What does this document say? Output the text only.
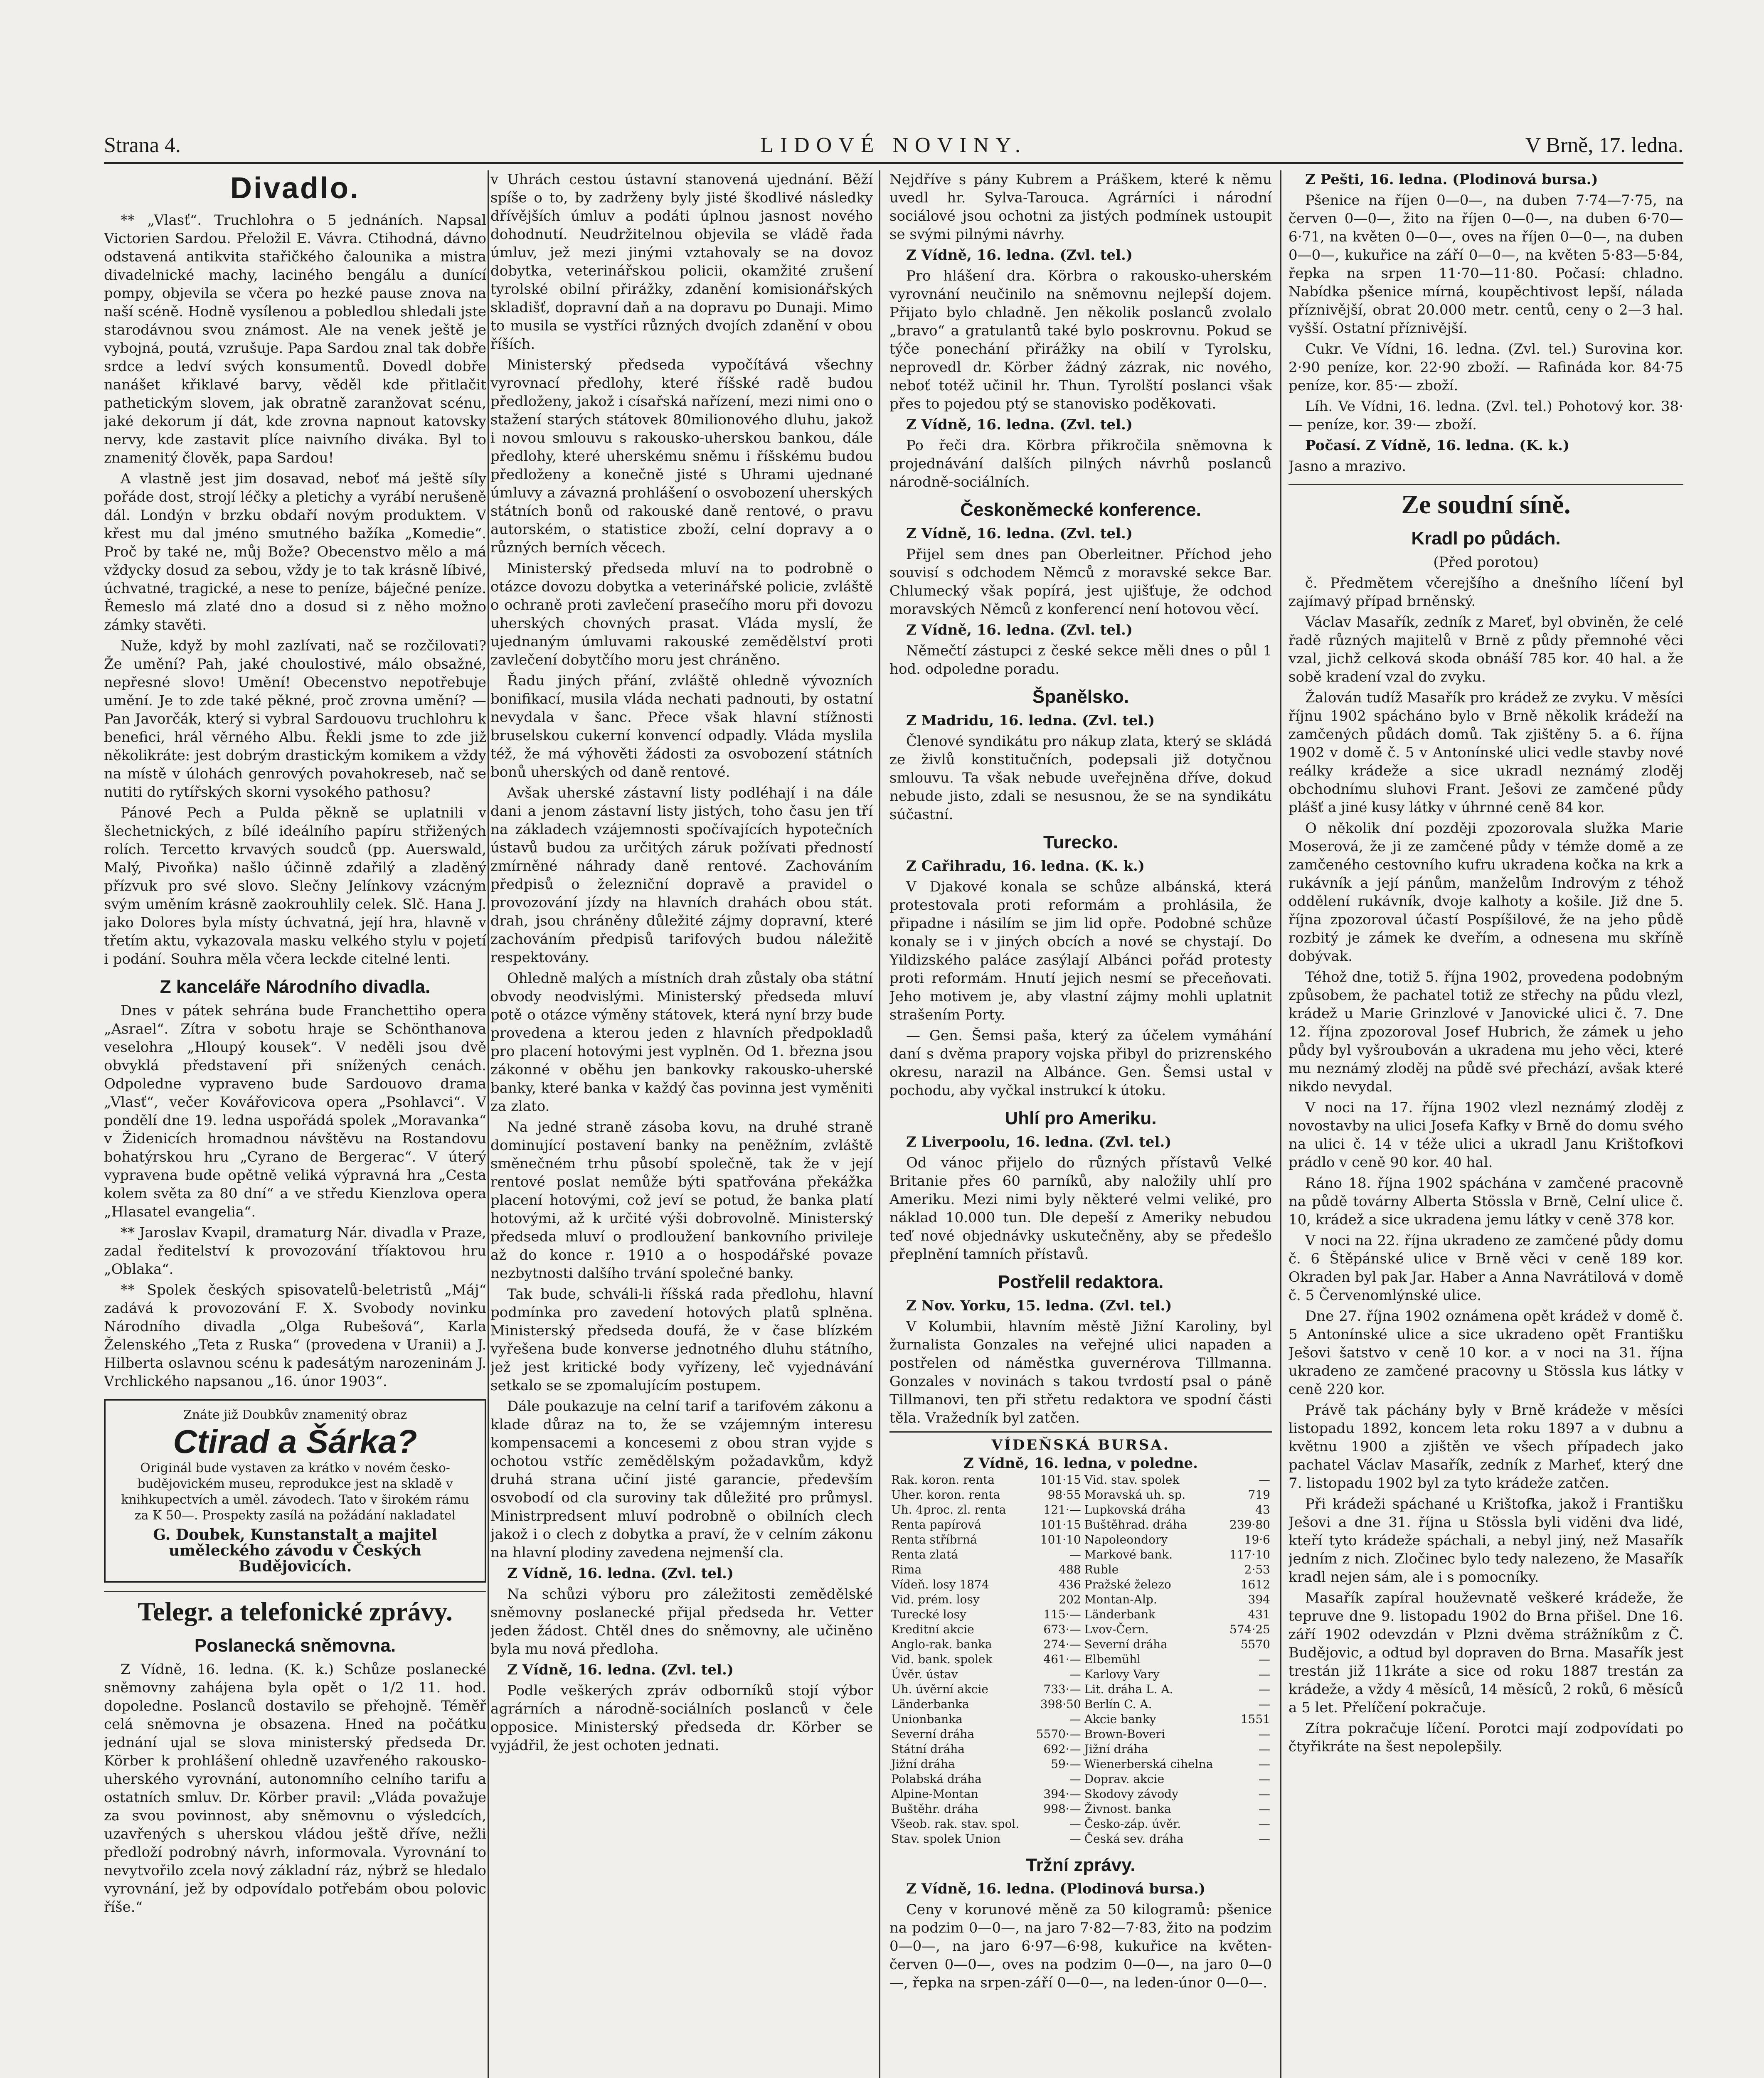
Strana 4.	LIDOVÉ NOVINY.	V Brně, 17. ledna.
Divadlo.

** „Vlasť“. Truchlohra o 5 jednáních. Napsal Victorien Sardou. Přeložil E. Vávra. Ctihodná, dávno odstavená antikvita stařičkého čalounika a mistra divadelnické machy, laciného bengálu a dunící pompy, objevila se včera po hezké pause znova na naší scéně. Hodně vysílenou a pobledlou shledali jste starodávnou svou známost. Ale na venek ještě je vybojná, poutá, vzrušuje. Papa Sardou znal tak dobře srdce a ledví svých konsumentů. Dovedl dobře nanášet křiklavé barvy, věděl kde přitlačit pathetickým slovem, jak obratně zaranžovat scénu, jaké dekorum jí dát, kde zrovna napnout katovsky nervy, kde zastavit plíce naivního diváka. Byl to znamenitý člověk, papa Sardou!

A vlastně jest jim dosavad, neboť má ještě síly pořáde dost, strojí léčky a pletichy a vyrábí nerušeně dál. Londýn v brzku obdaří novým produktem. V křest mu dal jméno smutného bažíka „Komedie“. Proč by také ne, můj Bože? Obecenstvo mělo a má vždycky dosud za sebou, vždy je to tak krásně líbivé, úchvatné, tragické, a nese to peníze, báječné peníze. Řemeslo má zlaté dno a dosud si z něho možno zámky stavěti.

Nuže, když by mohl zazlívati, nač se rozčilovati? Že umění? Pah, jaké choulostivé, málo obsažné, nepřesné slovo! Umění! Obecenstvo nepotřebuje umění. Je to zde také pěkné, proč zrovna umění? — Pan Javorčák, který si vybral Sardouovu truchlohru k benefici, hrál věrného Albu. Řekli jsme to zde již několikráte: jest dobrým drastickým komikem a vždy na místě v úlohách genrových povahokreseb, nač se nutiti do rytířských skorni vysokého pathosu?

Pánové Pech a Pulda pěkně se uplatnili v šlechetnických, z bílé ideálního papíru střižených rolích. Tercetto krvavých soudců (pp. Auerswald, Malý, Pivoňka) našlo účinně zdařilý a zladěný přízvuk pro své slovo. Slečny Jelínkovy vzácným svým uměním krásně zaokrouhlily celek. Slč. Hana J. jako Dolores byla místy úchvatná, její hra, hlavně v třetím aktu, vykazovala masku velkého stylu v pojetí i podání. Souhra měla včera leckde citelné lenti.

Z kanceláře Národního divadla.

Dnes v pátek sehrána bude Franchettiho opera „Asrael“. Zítra v sobotu hraje se Schönthanova veselohra „Hloupý kousek“. V neděli jsou dvě obvyklá představení při snížených cenách. Odpoledne vypraveno bude Sardouovo drama „Vlasť“, večer Kovářovicova opera „Psohlavci“. V pondělí dne 19. ledna uspořádá spolek „Moravanka“ v Židenicích hromadnou návštěvu na Rostandovu bohatýrskou hru „Cyrano de Bergerac“. V úterý vypravena bude opětně veliká výpravná hra „Cesta kolem světa za 80 dní“ a ve středu Kienzlova opera „Hlasatel evangelia“.

** Jaroslav Kvapil, dramaturg Nár. divadla v Praze, zadal ředitelství k provozování tříaktovou hru „Oblaka“.

** Spolek českých spisovatelů-beletristů „Máj“ zadává k provozování F. X. Svobody novinku Národního divadla „Olga Rubešová“, Karla Želenského „Teta z Ruska“ (provedena v Uranii) a J. Hilberta oslavnou scénu k padesátým narozeninám J. Vrchlického napsanou „16. únor 1903“.

Znáte již Doubkův znamenitý obraz
Ctirad a Šárka?
Originál bude vystaven za krátko v novém česko-budějovickém museu, reprodukce jest na skladě v knihkupectvích a uměl. závodech. Tato v širokém rámu za K 50—. Prospekty zasílá na požádání nakladatel
G. Doubek, Kunstanstalt a majitel uměleckého závodu v Českých Budějovicích.
Telegr. a telefonické zprávy.
Poslanecká sněmovna.

Z Vídně, 16. ledna. (K. k.) Schůze poslanecké sněmovny zahájena byla opět o 1/2 11. hod. dopoledne. Poslanců dostavilo se přehojně. Téměř celá sněmovna je obsazena. Hned na počátku jednání ujal se slova ministerský předseda Dr. Körber k prohlášení ohledně uzavřeného rakousko-uherského vyrovnání, autonomního celního tarifu a ostatních smluv. Dr. Körber pravil: „Vláda považuje za svou povinnost, aby sněmovnu o výsledcích, uzavřených s uherskou vládou ještě dříve, nežli předloží podrobný návrh, informovala. Vyrovnání to nevytvořilo zcela nový základní ráz, nýbrž se hledalo vyrovnání, jež by odpovídalo potřebám obou polovic říše.“

v Uhrách cestou ústavní stanovená ujednání. Běží spíše o to, by zadrženy byly jisté škodlivé následky dřívějších úmluv a podáti úplnou jasnost nového dohodnutí. Neudržitelnou objevila se vládě řada úmluv, jež mezi jinými vztahovaly se na dovoz dobytka, veterinářskou policii, okamžité zrušení tyrolské obilní přirážky, zdanění komisionářských skladišť, dopravní daň a na dopravu po Dunaji. Mimo to musila se vystříci různých dvojích zdanění v obou říších.

Ministerský předseda vypočítává všechny vyrovnací předlohy, které říšské radě budou předloženy, jakož i císařská nařízení, mezi nimi ono o stažení starých státovek 80milionového dluhu, jakož i novou smlouvu s rakousko-uherskou bankou, dále předlohy, které uherskému sněmu i říšskému budou předloženy a konečně jisté s Uhrami ujednané úmluvy a závazná prohlášení o osvobození uherských státních bonů od rakouské daně rentové, o pravu autorském, o statistice zboží, celní dopravy a o různých berních věcech.

Ministerský předseda mluví na to podrobně o otázce dovozu dobytka a veterinářské policie, zvláště o ochraně proti zavlečení prasečího moru při dovozu uherských chovných prasat. Vláda myslí, že ujednaným úmluvami rakouské zemědělství proti zavlečení dobytčího moru jest chráněno.

Řadu jiných přání, zvláště ohledně vývozních bonifikací, musila vláda nechati padnouti, by ostatní nevydala v šanc. Přece však hlavní stížnosti bruselskou cukerní konvencí odpadly. Vláda myslila též, že má výhověti žádosti za osvobození státních bonů uherských od daně rentové.

Avšak uherské zástavní listy podléhají i na dále dani a jenom zástavní listy jistých, toho času jen tří na základech vzájemnosti spočívajících hypotečních ústavů budou za určitých záruk požívati předností zmírněné náhrady daně rentové. Zachováním předpisů o železniční dopravě a pravidel o provozování jízdy na hlavních drahách obou stát. drah, jsou chráněny důležité zájmy dopravní, které zachováním předpisů tarifových budou náležitě respektovány.

Ohledně malých a místních drah zůstaly oba státní obvody neodvislými. Ministerský předseda mluví potě o otázce výměny státovek, která nyní brzy bude provedena a kterou jeden z hlavních předpokladů pro placení hotovými jest vyplněn. Od 1. března jsou zákonné v oběhu jen bankovky rakousko-uherské banky, které banka v každý čas povinna jest vyměniti za zlato.

Na jedné straně zásoba kovu, na druhé straně dominující postavení banky na peněžním, zvláště směnečném trhu působí společně, tak že v její rentové poslat nemůže býti spatřována překážka placení hotovými, což jeví se potud, že banka platí hotovými, až k určité výši dobrovolně. Ministerský předseda mluví o prodloužení bankovního privileje až do konce r. 1910 a o hospodářské povaze nezbytnosti dalšího trvání společné banky.

Tak bude, schváli-li říšská rada předlohu, hlavní podmínka pro zavedení hotových platů splněna. Ministerský předseda doufá, že v čase blízkém vyřešena bude konverse jednotného dluhu státního, jež jest kritické body vyřízeny, leč vyjednávání setkalo se se zpomalujícím postupem.

Dále poukazuje na celní tarif a tarifovém zákonu a klade důraz na to, že se vzájemným interesu kompensacemi a koncesemi z obou stran vyjde s ochotou vstříc zemědělským požadavkům, když druhá strana učiní jisté garancie, především osvobodí od cla suroviny tak důležité pro průmysl. Ministrpredsent mluví podrobně o obilních clech jakož i o clech z dobytka a praví, že v celním zákonu na hlavní plodiny zavedena nejmenší cla.

Z Vídně, 16. ledna. (Zvl. tel.)

Na schůzi výboru pro záležitosti zemědělské sněmovny poslanecké přijal předseda hr. Vetter jeden žádost. Chtěl dnes do sněmovny, ale učiněno byla mu nová předloha.

Z Vídně, 16. ledna. (Zvl. tel.)

Podle veškerých zpráv odborníků stojí výbor agrárních a národně-sociálních poslanců v čele opposice. Ministerský předseda dr. Körber se vyjádřil, že jest ochoten jednati.

Nejdříve s pány Kubrem a Práškem, které k němu uvedl hr. Sylva-Tarouca. Agrárníci i národní sociálové jsou ochotni za jistých podmínek ustoupit se svými pilnými návrhy.

Z Vídně, 16. ledna. (Zvl. tel.)

Pro hlášení dra. Körbra o rakousko-uherském vyrovnání neučinilo na sněmovnu nejlepší dojem. Přijato bylo chladně. Jen několik poslanců zvolalo „bravo“ a gratulantů také bylo poskrovnu. Pokud se týče ponechání přirážky na obilí v Tyrolsku, neprovedl dr. Körber žádný zázrak, nic nového, neboť totéž učinil hr. Thun. Tyrolští poslanci však přes to pojedou ptý se stanovisko poděkovati.

Z Vídně, 16. ledna. (Zvl. tel.)

Po řeči dra. Körbra přikročila sněmovna k projednávání dalších pilných návrhů poslanců národně-sociálních.

Českoněmecké konference.

Z Vídně, 16. ledna. (Zvl. tel.)

Přijel sem dnes pan Oberleitner. Příchod jeho souvisí s odchodem Němců z moravské sekce Bar. Chlumecký však popírá, jest ujišťuje, že odchod moravských Němců z konferencí není hotovou věcí.

Z Vídně, 16. ledna. (Zvl. tel.)

Němečtí zástupci z české sekce měli dnes o půl 1 hod. odpoledne poradu.

Španělsko.

Z Madridu, 16. ledna. (Zvl. tel.)

Členové syndikátu pro nákup zlata, který se skládá ze živlů konstitučních, podepsali již dotyčnou smlouvu. Ta však nebude uveřejněna dříve, dokud nebude jisto, zdali se nesusnou, že se na syndikátu súčastní.

Turecko.

Z Cařihradu, 16. ledna. (K. k.)

V Djakové konala se schůze albánská, která protestovala proti reformám a prohlásila, že připadne i násilím se jim lid opře. Podobné schůze konaly se i v jiných obcích a nové se chystají. Do Yildizského paláce zasýlají Albánci pořád protesty proti reformám. Hnutí jejich nesmí se přeceňovati. Jeho motivem je, aby vlastní zájmy mohli uplatnit strašením Porty.

— Gen. Šemsi paša, který za účelem vymáhání daní s dvěma prapory vojska přibyl do prizrenského okresu, narazil na Albánce. Gen. Šemsi ustal v pochodu, aby vyčkal instrukcí k útoku.

Uhlí pro Ameriku.

Z Liverpoolu, 16. ledna. (Zvl. tel.)

Od vánoc přijelo do různých přístavů Velké Britanie přes 60 parníků, aby naložily uhlí pro Ameriku. Mezi nimi byly některé velmi veliké, pro náklad 10.000 tun. Dle depeší z Ameriky nebudou teď nové objednávky uskutečněny, aby se předešlo přeplnění tamních přístavů.

Postřelil redaktora.

Z Nov. Yorku, 15. ledna. (Zvl. tel.)

V Kolumbii, hlavním městě Jižní Karoliny, byl žurnalista Gonzales na veřejné ulici napaden a postřelen od náměstka guvernérova Tillmanna. Gonzales v novinách s takou tvrdostí psal o páně Tillmanovi, ten při střetu redaktora ve spodní části těla. Vražedník byl zatčen.

VÍDEŇSKÁ BURSA.
Z Vídně, 16. ledna, v poledne.
Rak. koron. renta	101·15	Vid. stav. spolek	—
Uher. koron. renta	98·55	Moravská uh. sp.	719
Uh. 4proc. zl. renta	121·—	Lupkovská dráha	43
Renta papírová	101·15	Buštěhrad. dráha	239·80
Renta stříbrná	101·10	Napoleondory	19·6
Renta zlatá	—	Markové bank.	117·10
Rima	488	Ruble	2·53
Vídeň. losy 1874	436	Pražské železo	1612
Vid. prém. losy	202	Montan-Alp.	394
Turecké losy	115·—	Länderbank	431
Kreditní akcie	673·—	Lvov-Čern.	574·25
Anglo-rak. banka	274·—	Severní dráha	5570
Vid. bank. spolek	461·—	Elbemühl	—
Úvěr. ústav	—	Karlovy Vary	—
Uh. úvěrní akcie	733·—	Lit. dráha L. A.	—
Länderbanka	398·50	Berlín C. A.	—
Unionbanka	—	Akcie banky	1551
Severní dráha	5570·—	Brown-Boveri	—
Státní dráha	692·—	Jižní dráha	—
Jižní dráha	59·—	Wienerberská cihelna	—
Polabská dráha	—	Doprav. akcie	—
Alpine-Montan	394·—	Skodovy závody	—
Buštěhr. dráha	998·—	Živnost. banka	—
Všeob. rak. stav. spol.	—	Česko-záp. úvěr.	—
Stav. spolek Union	—	Česká sev. dráha	—
Tržní zprávy.

Z Vídně, 16. ledna. (Plodinová bursa.)

Ceny v korunové měně za 50 kilogramů: pšenice na podzim 0—0—, na jaro 7·82—7·83, žito na podzim 0—0—, na jaro 6·97—6·98, kukuřice na květen-červen 0—0—, oves na podzim 0—0—, na jaro 0—0—, řepka na srpen-září 0—0—, na leden-únor 0—0—.

Z Pešti, 16. ledna. (Plodinová bursa.)

Pšenice na říjen 0—0—, na duben 7·74—7·75, na červen 0—0—, žito na říjen 0—0—, na duben 6·70—6·71, na květen 0—0—, oves na říjen 0—0—, na duben 0—0—, kukuřice na září 0—0—, na květen 5·83—5·84, řepka na srpen 11·70—11·80. Počasí: chladno. Nabídka pšenice mírná, koupěchtivost lepší, nálada příznivější, obrat 20.000 metr. centů, ceny o 2—3 hal. vyšší. Ostatní příznivější.

Cukr. Ve Vídni, 16. ledna. (Zvl. tel.) Surovina kor. 2·90 peníze, kor. 22·90 zboží. — Rafináda kor. 84·75 peníze, kor. 85·— zboží.

Líh. Ve Vídni, 16. ledna. (Zvl. tel.) Pohotový kor. 38·— peníze, kor. 39·— zboží.

Počasí. Z Vídně, 16. ledna. (K. k.)

Jasno a mrazivo.

Ze soudní síně.
Kradl po půdách.

(Před porotou)

č. Předmětem včerejšího a dnešního líčení byl zajímavý případ brněnský.

Václav Masařík, zedník z Mareť, byl obviněn, že celé řadě různých majitelů v Brně z půdy přemnohé věci vzal, jichž celková skoda obnáší 785 kor. 40 hal. a že sobě kradení vzal do zvyku.

Žalován tudíž Masařík pro krádež ze zvyku. V měsíci říjnu 1902 spácháno bylo v Brně několik krádeží na zamčených půdách domů. Tak zjištěny 5. a 6. října 1902 v domě č. 5 v Antonínské ulici vedle stavby nové reálky krádeže a sice ukradl neznámý zloděj obchodnímu sluhovi Frant. Ješovi ze zamčené půdy plášť a jiné kusy látky v úhrnné ceně 84 kor.

O několik dní později zpozorovala služka Marie Moserová, že ji ze zamčené půdy v témže domě a ze zamčeného cestovního kufru ukradena kočka na krk a rukávník a její pánům, manželům Indrovým z téhož oddělení rukávník, dvoje kalhoty a košile. Již dne 5. října zpozoroval účastí Pospíšilové, že na jeho půdě rozbitý je zámek ke dveřím, a odnesena mu skříně dobývak.

Téhož dne, totiž 5. října 1902, provedena podobným způsobem, že pachatel totiž ze střechy na půdu vlezl, krádež u Marie Grinzlové v Janovické ulici č. 7. Dne 12. října zpozoroval Josef Hubrich, že zámek u jeho půdy byl vyšroubován a ukradena mu jeho věci, které mu neznámý zloděj na půdě své přechází, avšak které nikdo nevydal.

V noci na 17. října 1902 vlezl neznámý zloděj z novostavby na ulici Josefa Kafky v Brně do domu svého na ulici č. 14 v téže ulici a ukradl Janu Krištofkovi prádlo v ceně 90 kor. 40 hal.

Ráno 18. října 1902 spáchána v zamčené pracovně na půdě továrny Alberta Stössla v Brně, Celní ulice č. 10, krádež a sice ukradena jemu látky v ceně 378 kor.

V noci na 22. října ukradeno ze zamčené půdy domu č. 6 Štěpánské ulice v Brně věci v ceně 189 kor. Okraden byl pak Jar. Haber a Anna Navrátilová v domě č. 5 Červenomlýnské ulice.

Dne 27. října 1902 oznámena opět krádež v domě č. 5 Antonínské ulice a sice ukradeno opět Františku Ješovi šatstvo v ceně 10 kor. a v noci na 31. října ukradeno ze zamčené pracovny u Stössla kus látky v ceně 220 kor.

Právě tak páchány byly v Brně krádeže v měsíci listopadu 1892, koncem leta roku 1897 a v dubnu a květnu 1900 a zjištěn ve všech případech jako pachatel Václav Masařík, zedník z Marheť, který dne 7. listopadu 1902 byl za tyto krádeže zatčen.

Při krádeži spáchané u Krištofka, jakož i Františku Ješovi a dne 31. října u Stössla byli viděni dva lidé, kteří tyto krádeže spáchali, a nebyl jiný, než Masařík jedním z nich. Zločinec bylo tedy nalezeno, že Masařík kradl nejen sám, ale i s pomocníky.

Masařík zapíral houževnatě veškeré krádeže, že tepruve dne 9. listopadu 1902 do Brna přišel. Dne 16. září 1902 odevzdán v Plzni dvěma strážníkům z Č. Budějovic, a odtud byl dopraven do Brna. Masařík jest trestán již 11kráte a sice od roku 1887 trestán za krádeže, a vždy 4 měsíců, 14 měsíců, 2 roků, 6 měsíců a 5 let. Přelíčení pokračuje.

Zítra pokračuje líčení. Porotci mají zodpovídati po čtyřikráte na šest nepolepšily.
